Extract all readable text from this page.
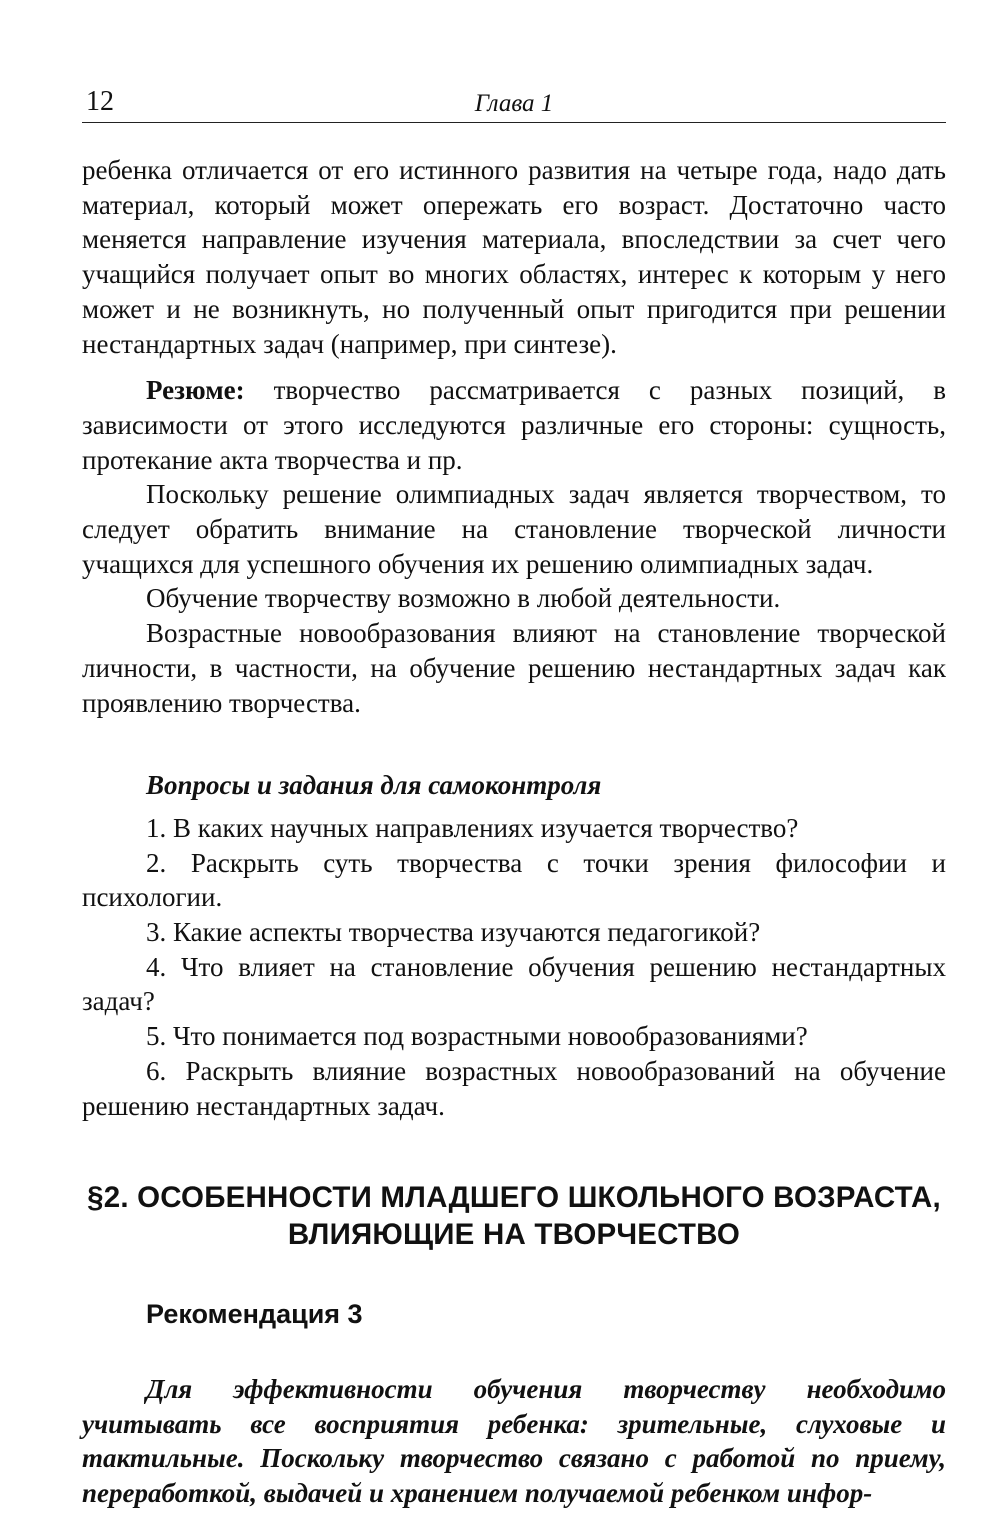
12	Глава 1

ребенка отличается от его истинного развития на четыре года, надо дать материал, который может опережать его возраст. Достаточно часто меняется направление изучения материала, впоследствии за счет чего учащийся получает опыт во многих областях, интерес к которым у него может и не возникнуть, но полученный опыт пригодится при решении нестандартных задач (например, при синтезе).

Резюме: творчество рассматривается с разных позиций, в зависимости от этого исследуются различные его стороны: сущность, протекание акта творчества и пр.

Поскольку решение олимпиадных задач является творчеством, то следует обратить внимание на становление творческой личности учащихся для успешного обучения их решению олимпиадных задач.

Обучение творчеству возможно в любой деятельности.

Возрастные новообразования влияют на становление творческой личности, в частности, на обучение решению нестандартных задач как проявлению творчества.

Вопросы и задания для самоконтроля

1. В каких научных направлениях изучается творчество?

2. Раскрыть суть творчества с точки зрения философии и психологии.

3. Какие аспекты творчества изучаются педагогикой?

4. Что влияет на становление обучения решению нестандартных задач?

5. Что понимается под возрастными новообразованиями?

6. Раскрыть влияние возрастных новообразований на обучение решению нестандартных задач.

§2. ОСОБЕННОСТИ МЛАДШЕГО ШКОЛЬНОГО ВОЗРАСТА,
ВЛИЯЮЩИЕ НА ТВОРЧЕСТВО
Рекомендация 3

Для эффективности обучения творчеству необходимо учитывать все восприятия ребенка: зрительные, слуховые и тактильные. Поскольку творчество связано с работой по приему, переработкой, выдачей и хранением получаемой ребенком инфор-
